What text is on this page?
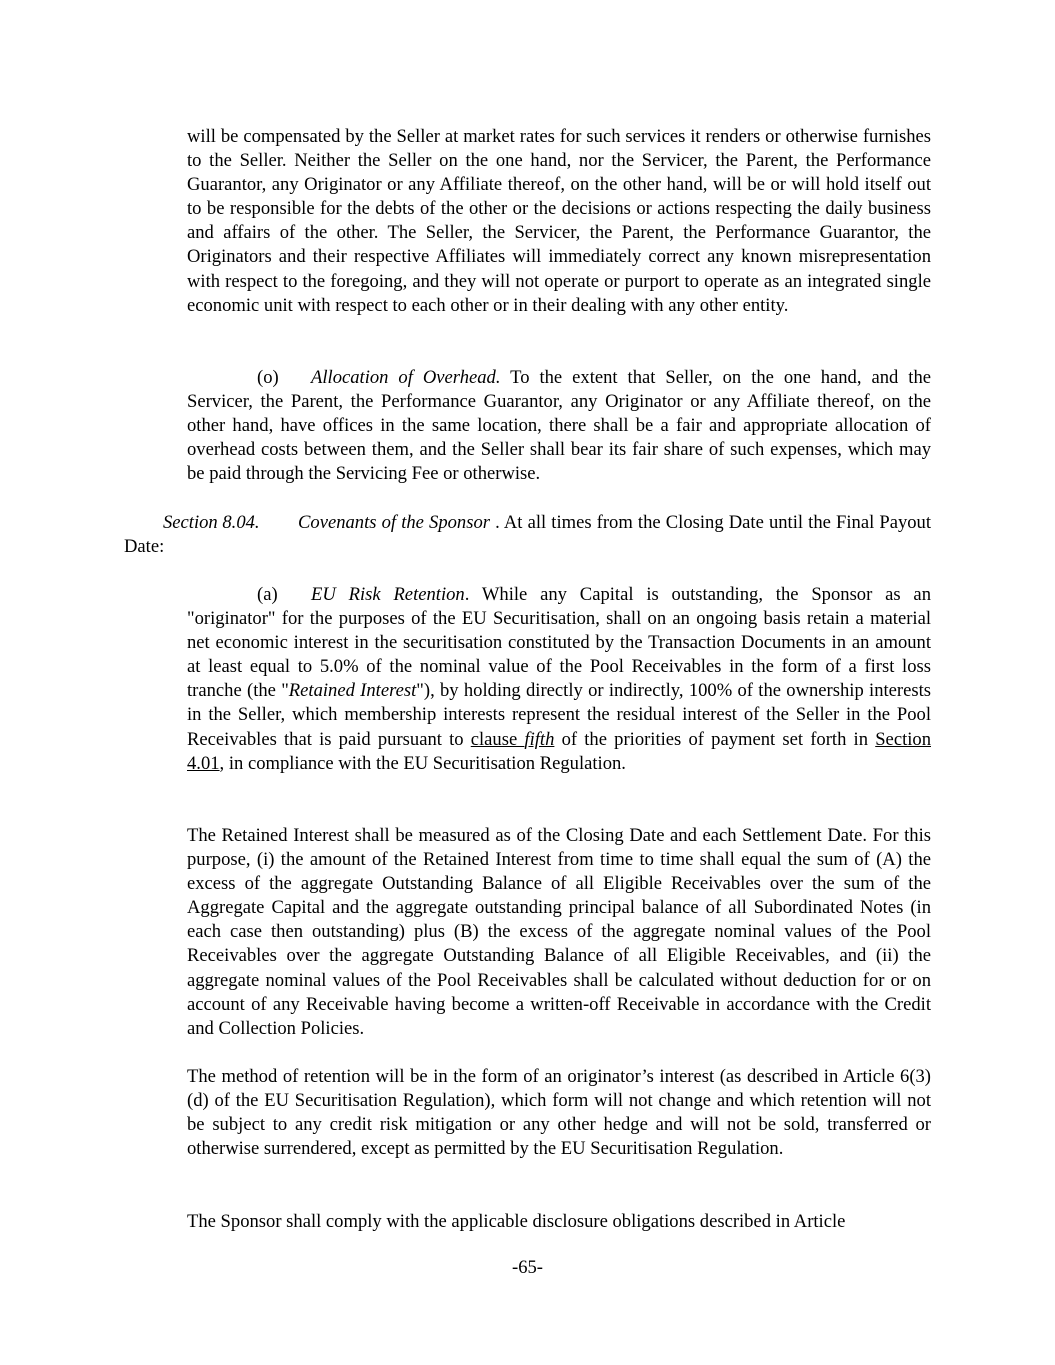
will be compensated by the Seller at market rates for such services it renders or otherwise furnishes to the Seller. Neither the Seller on the one hand, nor the Servicer, the Parent, the Performance Guarantor, any Originator or any Affiliate thereof, on the other hand, will be or will hold itself out to be responsible for the debts of the other or the decisions or actions respecting the daily business and affairs of the other. The Seller, the Servicer, the Parent, the Performance Guarantor, the Originators and their respective Affiliates will immediately correct any known misrepresentation with respect to the foregoing, and they will not operate or purport to operate as an integrated single economic unit with respect to each other or in their dealing with any other entity.

(o) Allocation of Overhead. To the extent that Seller, on the one hand, and the Servicer, the Parent, the Performance Guarantor, any Originator or any Affiliate thereof, on the other hand, have offices in the same location, there shall be a fair and appropriate allocation of overhead costs between them, and the Seller shall bear its fair share of such expenses, which may be paid through the Servicing Fee or otherwise.

Section 8.04. Covenants of the Sponsor . At all times from the Closing Date until the Final Payout Date:

(a) EU Risk Retention. While any Capital is outstanding, the Sponsor as an "originator" for the purposes of the EU Securitisation, shall on an ongoing basis retain a material net economic interest in the securitisation constituted by the Transaction Documents in an amount at least equal to 5.0% of the nominal value of the Pool Receivables in the form of a first loss tranche (the "Retained Interest"), by holding directly or indirectly, 100% of the ownership interests in the Seller, which membership interests represent the residual interest of the Seller in the Pool Receivables that is paid pursuant to clause fifth of the priorities of payment set forth in Section 4.01, in compliance with the EU Securitisation Regulation.

The Retained Interest shall be measured as of the Closing Date and each Settlement Date. For this purpose, (i) the amount of the Retained Interest from time to time shall equal the sum of (A) the excess of the aggregate Outstanding Balance of all Eligible Receivables over the sum of the Aggregate Capital and the aggregate outstanding principal balance of all Subordinated Notes (in each case then outstanding) plus (B) the excess of the aggregate nominal values of the Pool Receivables over the aggregate Outstanding Balance of all Eligible Receivables, and (ii) the aggregate nominal values of the Pool Receivables shall be calculated without deduction for or on account of any Receivable having become a written-off Receivable in accordance with the Credit and Collection Policies.

The method of retention will be in the form of an originator’s interest (as described in Article 6(3)(d) of the EU Securitisation Regulation), which form will not change and which retention will not be subject to any credit risk mitigation or any other hedge and will not be sold, transferred or otherwise surrendered, except as permitted by the EU Securitisation Regulation.

The Sponsor shall comply with the applicable disclosure obligations described in Article

-65-
